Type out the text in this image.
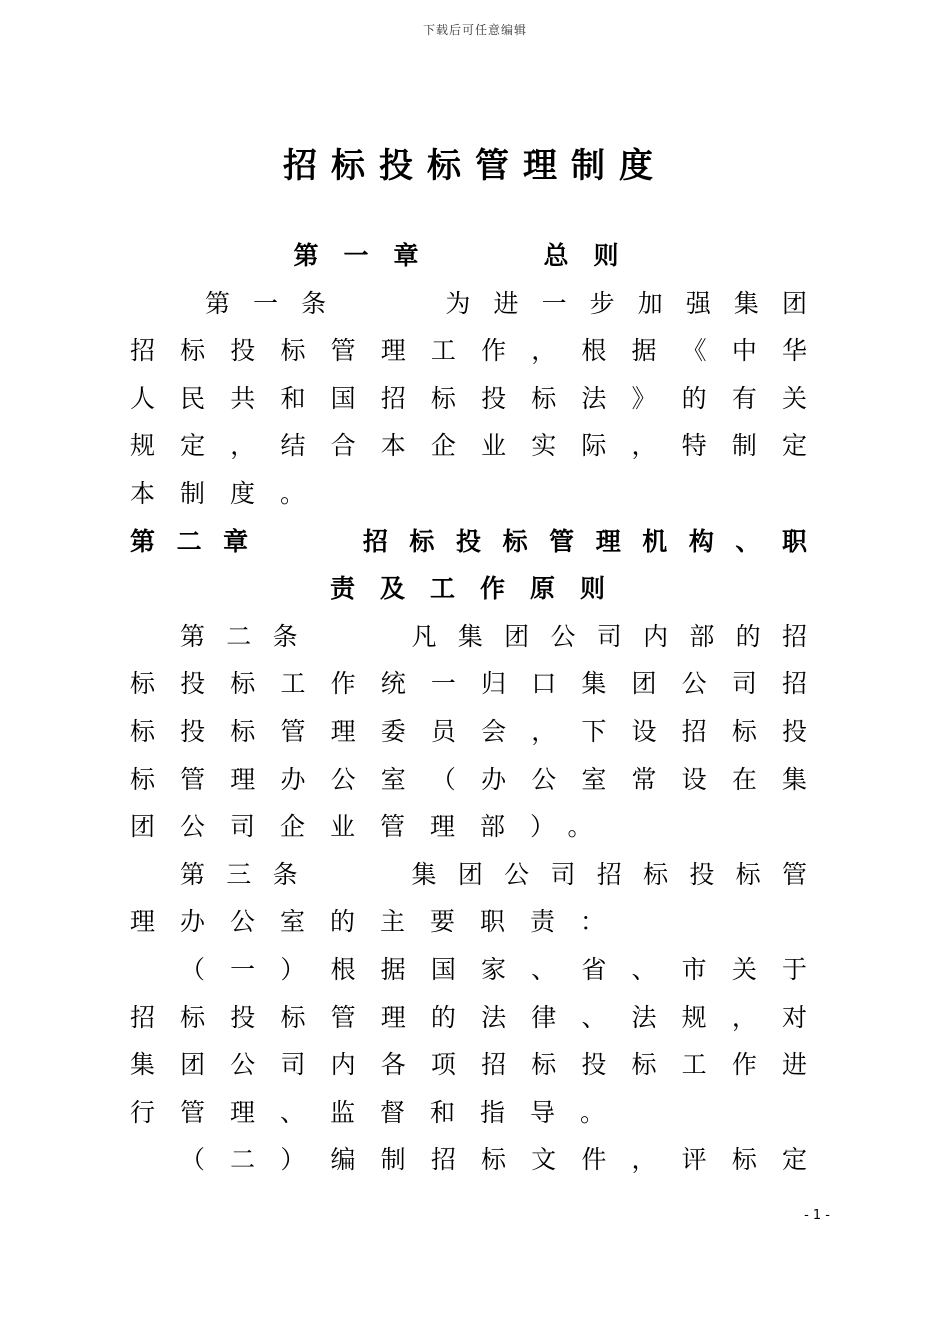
下载后可任意编辑
招标投标管理制度
第一章　　总则
第一条　　为进一步加强集团
招标投标管理工作，根据《中华
人民共和国招标投标法》的有关
规定，结合本企业实际，特制定
本制度。
第二章　　招标投标管理机构、职
责及工作原则
第二条　　凡集团公司内部的招
标投标工作统一归口集团公司招
标投标管理委员会，下设招标投
标管理办公室（办公室常设在集
团公司企业管理部）。
第三条　　集团公司招标投标管
理办公室的主要职责：
（一）根据国家、省、市关于
招标投标管理的法律、法规，对
集团公司内各项招标投标工作进
行管理、监督和指导。
（二）编制招标文件，评标定
- 1 -
